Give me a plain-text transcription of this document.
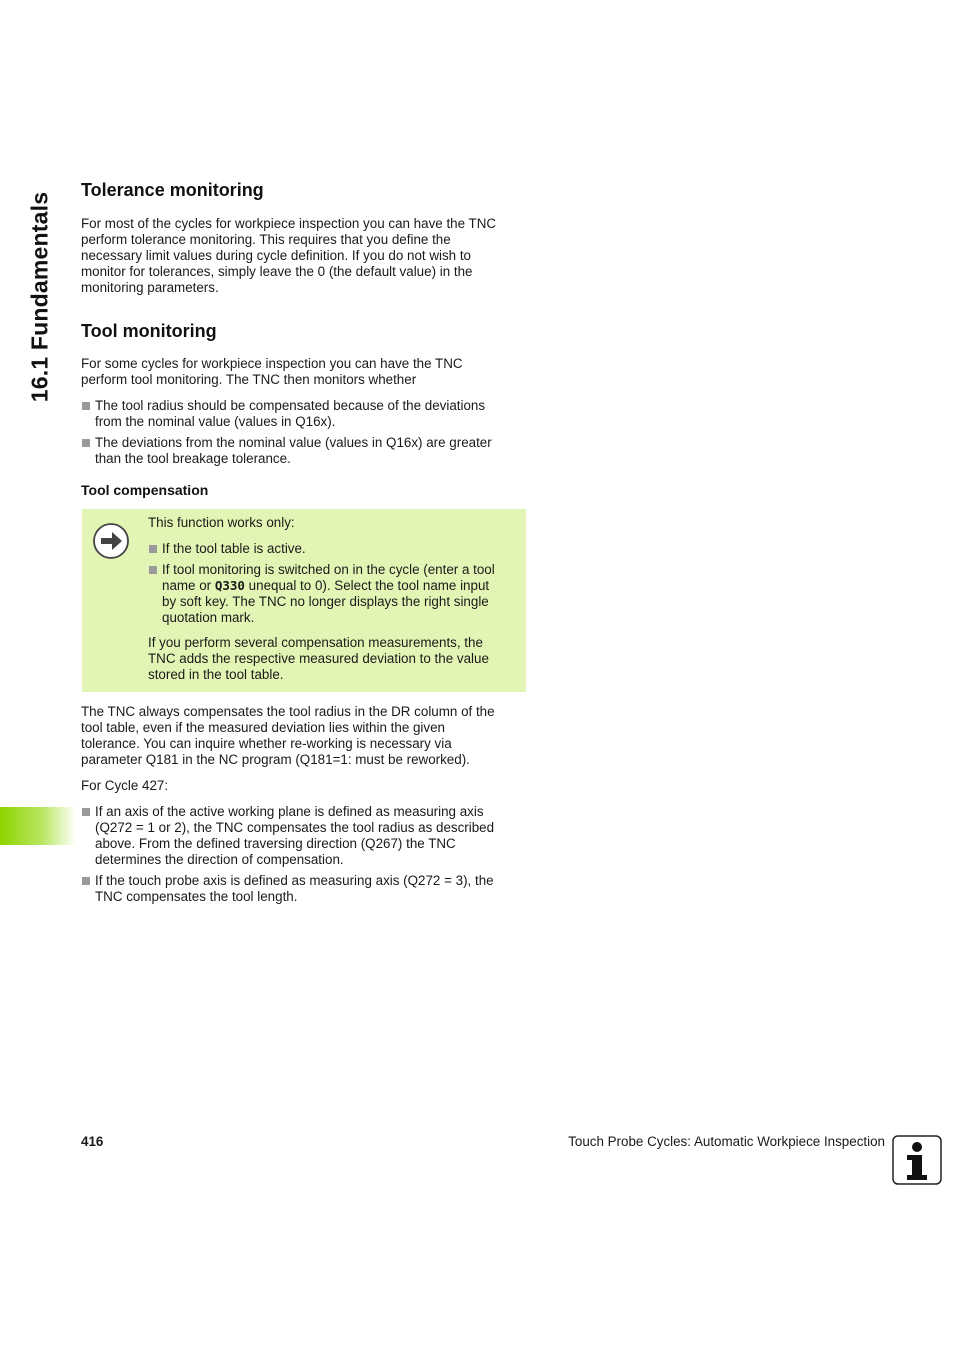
16.1 Fundamentals
Tolerance monitoring

For most of the cycles for workpiece inspection you can have the TNC
perform tolerance monitoring. This requires that you define the
necessary limit values during cycle definition. If you do not wish to
monitor for tolerances, simply leave the 0 (the default value) in the
monitoring parameters.

Tool monitoring

For some cycles for workpiece inspection you can have the TNC
perform tool monitoring. The TNC then monitors whether

The tool radius should be compensated because of the deviations
from the nominal value (values in Q16x).
The deviations from the nominal value (values in Q16x) are greater
than the tool breakage tolerance.
Tool compensation

This function works only:

If the tool table is active.
If tool monitoring is switched on in the cycle (enter a tool
name or Q330 unequal to 0). Select the tool name input
by soft key. The TNC no longer displays the right single
quotation mark.

If you perform several compensation measurements, the
TNC adds the respective measured deviation to the value
stored in the tool table.

The TNC always compensates the tool radius in the DR column of the
tool table, even if the measured deviation lies within the given
tolerance. You can inquire whether re-working is necessary via
parameter Q181 in the NC program (Q181=1: must be reworked).

For Cycle 427:

If an axis of the active working plane is defined as measuring axis
(Q272 = 1 or 2), the TNC compensates the tool radius as described
above. From the defined traversing direction (Q267) the TNC
determines the direction of compensation.
If the touch probe axis is defined as measuring axis (Q272 = 3), the
TNC compensates the tool length.
416	Touch Probe Cycles: Automatic Workpiece Inspection
